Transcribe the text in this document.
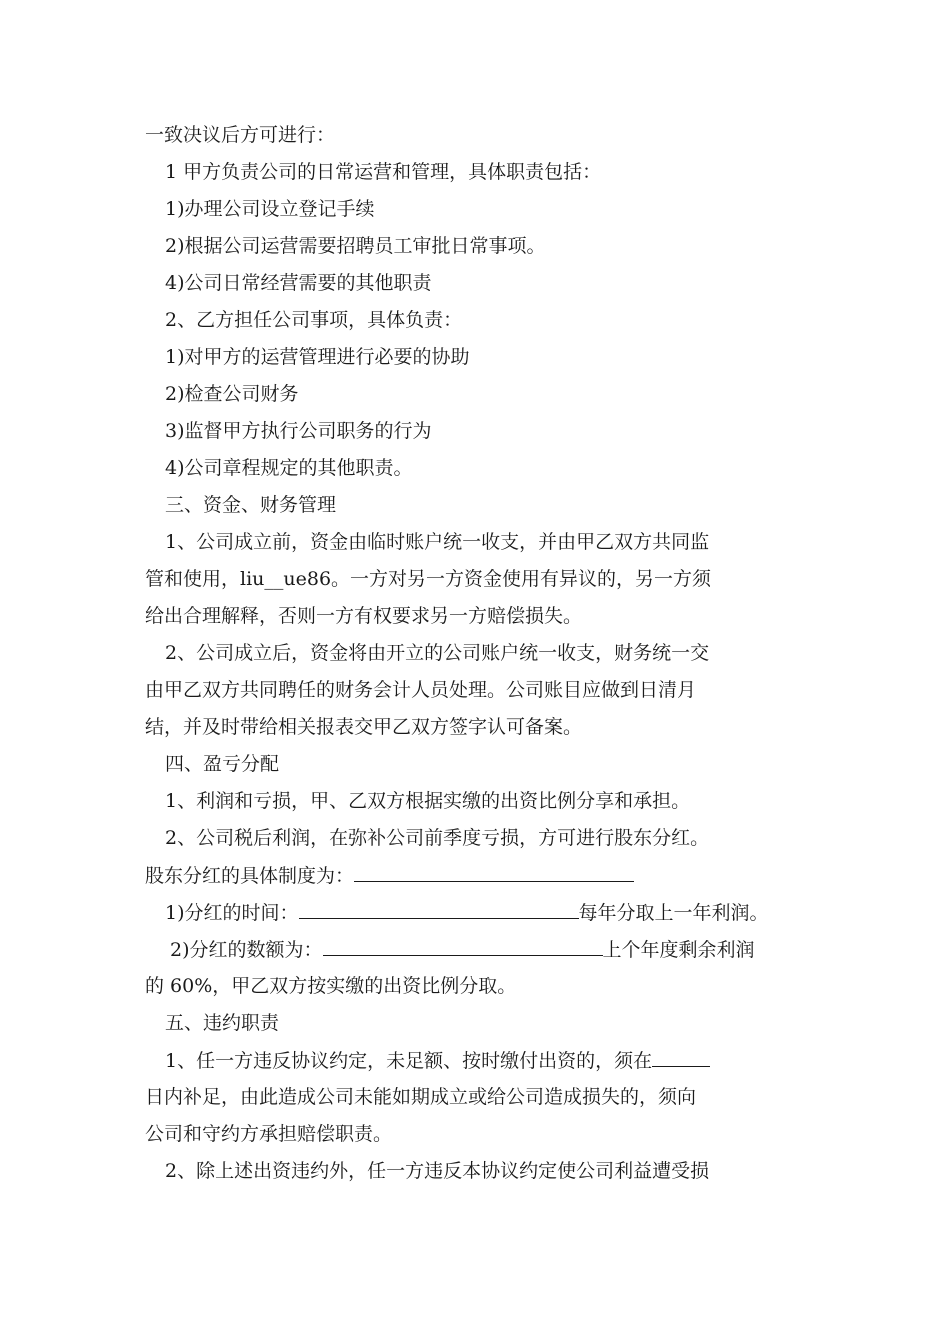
一致决议后方可进行：
1 甲方负责公司的日常运营和管理，具体职责包括：
1)办理公司设立登记手续
2)根据公司运营需要招聘员工审批日常事项。
4)公司日常经营需要的其他职责
2、乙方担任公司事项，具体负责：
1)对甲方的运营管理进行必要的协助
2)检查公司财务
3)监督甲方执行公司职务的行为
4)公司章程规定的其他职责。
三、资金、财务管理
1、公司成立前，资金由临时账户统一收支，并由甲乙双方共同监
管和使用，liu__ue86。一方对另一方资金使用有异议的，另一方须
给出合理解释，否则一方有权要求另一方赔偿损失。
2、公司成立后，资金将由开立的公司账户统一收支，财务统一交
由甲乙双方共同聘任的财务会计人员处理。公司账目应做到日清月
结，并及时带给相关报表交甲乙双方签字认可备案。
四、盈亏分配
1、利润和亏损，甲、乙双方根据实缴的出资比例分享和承担。
2、公司税后利润，在弥补公司前季度亏损，方可进行股东分红。
股东分红的具体制度为：
1)分红的时间：	每年分取上一年利润。
2)分红的数额为：	上个年度剩余利润
的 60%，甲乙双方按实缴的出资比例分取。
五、违约职责
1、任一方违反协议约定，未足额、按时缴付出资的，须在
日内补足，由此造成公司未能如期成立或给公司造成损失的，须向
公司和守约方承担赔偿职责。
2、除上述出资违约外，任一方违反本协议约定使公司利益遭受损
